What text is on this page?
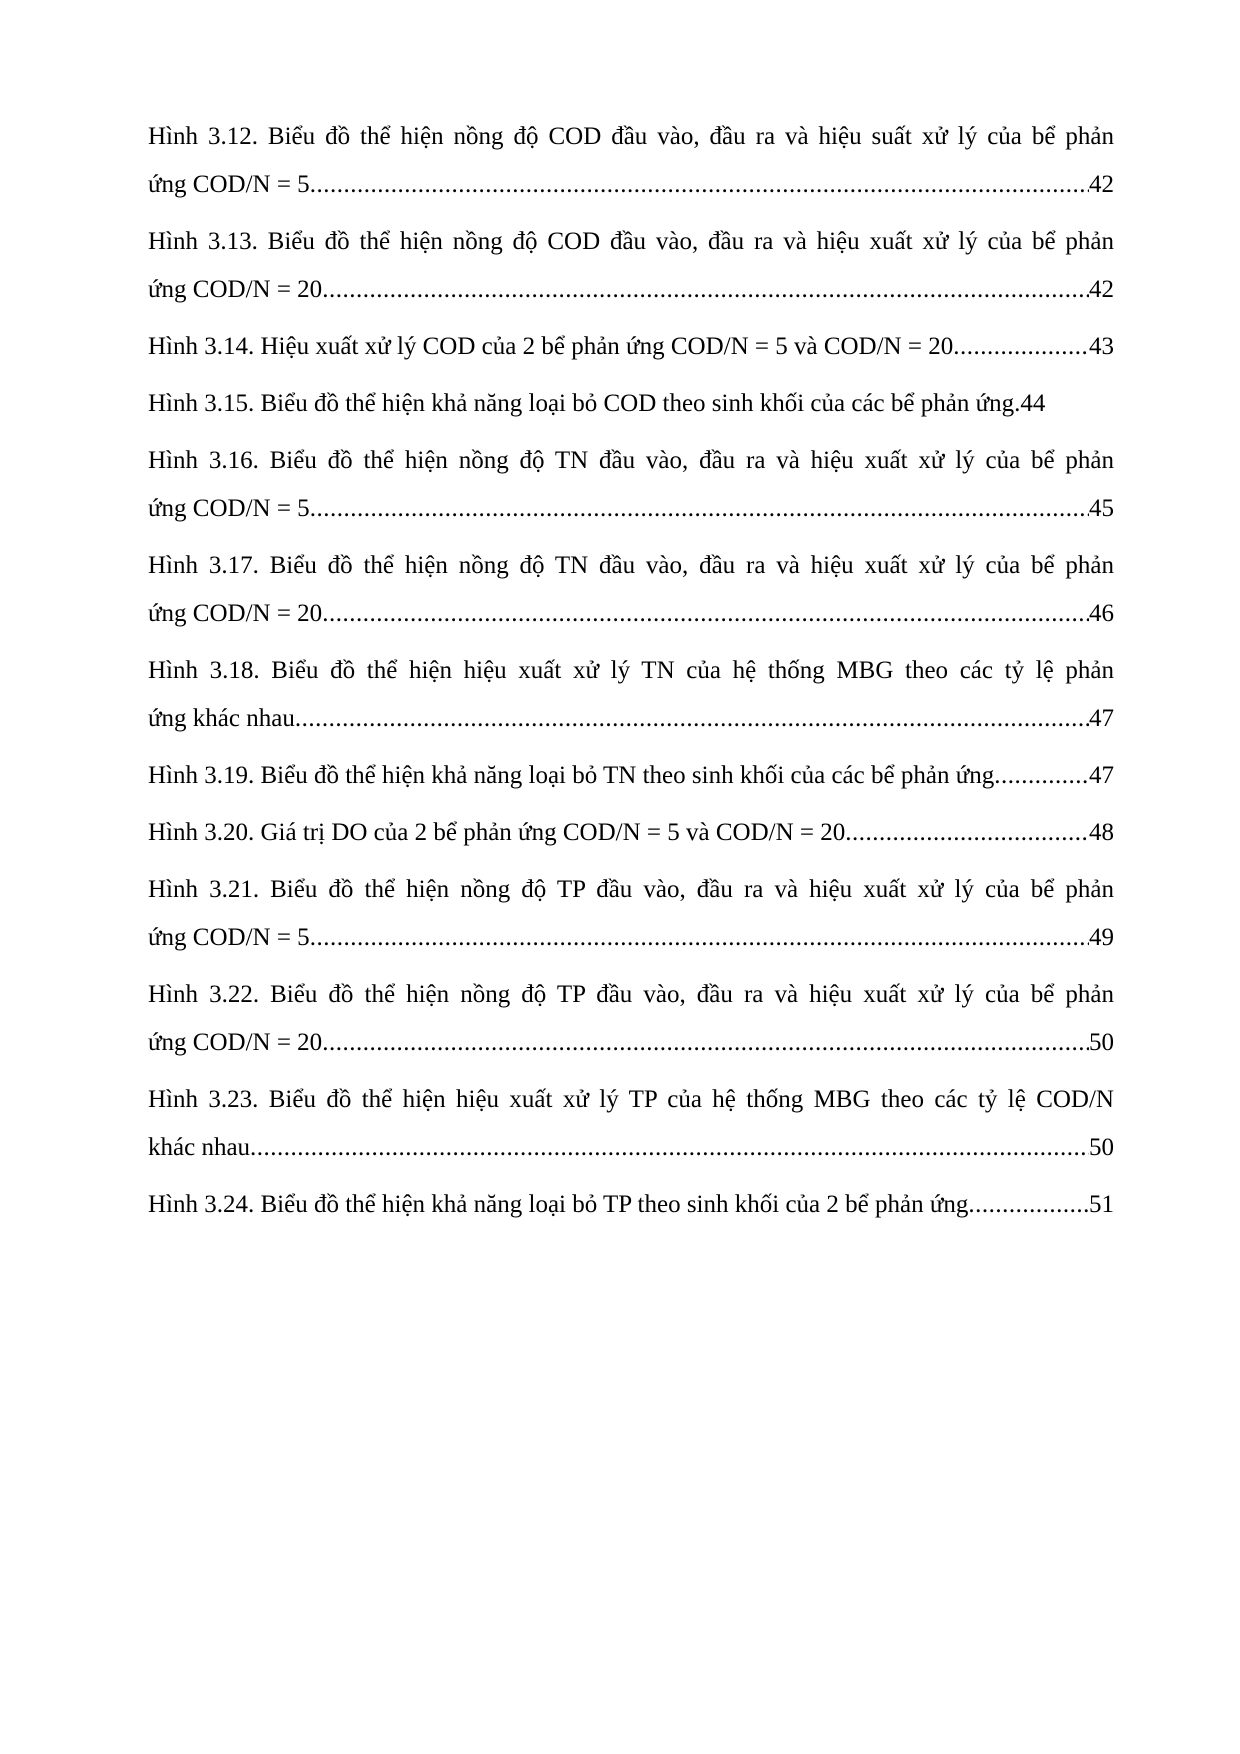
Hình 3.12. Biểu đồ thể hiện nồng độ COD đầu vào, đầu ra và hiệu suất xử lý của bể phản
ứng COD/N = 5 .....	42
Hình 3.13. Biểu đồ thể hiện nồng độ COD đầu vào, đầu ra và hiệu xuất xử lý của bể phản
ứng COD/N = 20 .....	42
Hình 3.14. Hiệu xuất xử lý COD của 2 bể phản ứng COD/N = 5 và COD/N = 20 .....	43
Hình 3.15. Biểu đồ thể hiện khả năng loại bỏ COD theo sinh khối của các bể phản ứng. 44
Hình 3.16. Biểu đồ thể hiện nồng độ TN đầu vào, đầu ra và hiệu xuất xử lý của bể phản
ứng COD/N = 5 .....	45
Hình 3.17. Biểu đồ thể hiện nồng độ TN đầu vào, đầu ra và hiệu xuất xử lý của bể phản
ứng COD/N = 20 .....	46
Hình 3.18. Biểu đồ thể hiện hiệu xuất xử lý TN của hệ thống MBG theo các tỷ lệ phản
ứng khác nhau .....	47
Hình 3.19. Biểu đồ thể hiện khả năng loại bỏ TN theo sinh khối của các bể phản ứng .....	47
Hình 3.20. Giá trị DO của 2 bể phản ứng COD/N = 5 và COD/N = 20 .....	48
Hình 3.21. Biểu đồ thể hiện nồng độ TP đầu vào, đầu ra và hiệu xuất xử lý của bể phản
ứng COD/N = 5 .....	49
Hình 3.22. Biểu đồ thể hiện nồng độ TP đầu vào, đầu ra và hiệu xuất xử lý của bể phản
ứng COD/N = 20 .....	50
Hình 3.23. Biểu đồ thể hiện hiệu xuất xử lý TP của hệ thống MBG theo các tỷ lệ COD/N
khác nhau .....	50
Hình 3.24. Biểu đồ thể hiện khả năng loại bỏ TP theo sinh khối của 2 bể phản ứng .....	51
